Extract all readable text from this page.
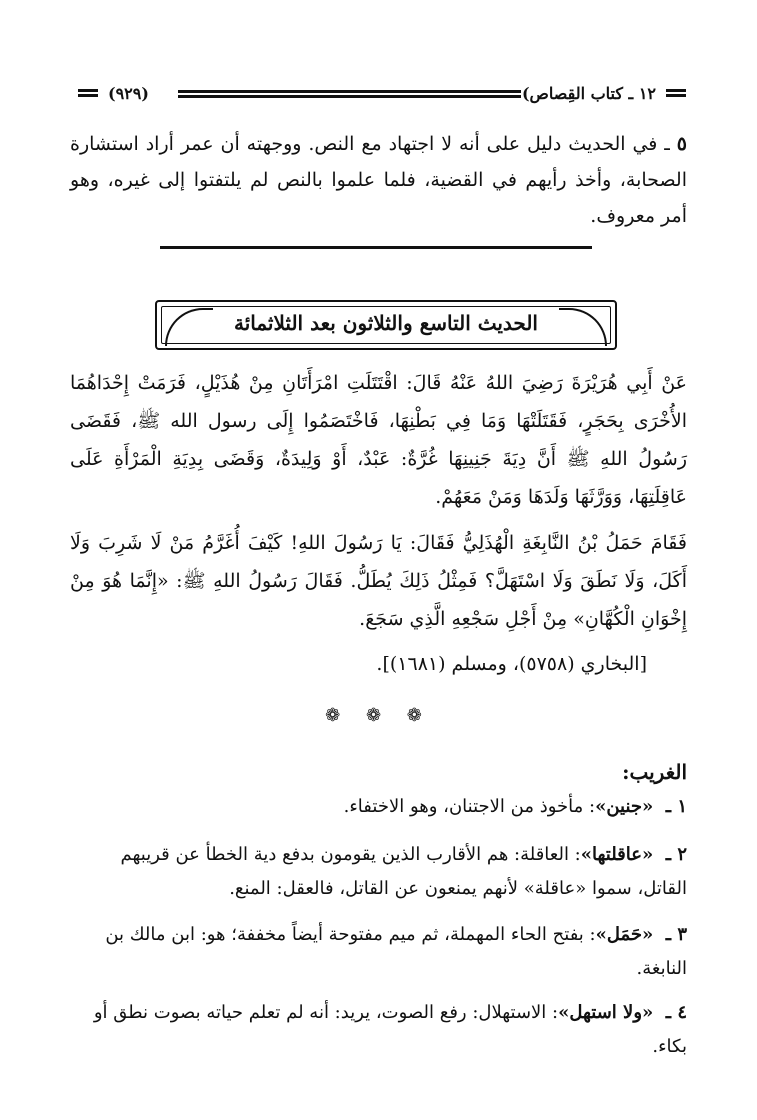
١٢ ـ كتاب القِصاص)
(٩٢٩)

٥ ـ في الحديث دليل على أنه لا اجتهاد مع النص. ووجهته أن عمر أراد استشارة الصحابة، وأخذ رأيهم في القضية، فلما علموا بالنص لم يلتفتوا إلى غيره، وهو أمر معروف.

الحديث التاسع والثلاثون بعد الثلاثمائة

عَنْ أَبِي هُرَيْرَةَ رَضِيَ اللهُ عَنْهُ قَالَ: اقْتَتَلَتِ امْرَأَتَانِ مِنْ هُذَيْلٍ، فَرَمَتْ إِحْدَاهُمَا الأُخْرَى بِحَجَرٍ، فَقَتَلَتْهَا وَمَا فِي بَطْنِهَا، فَاخْتَصَمُوا إِلَى رسول الله ﷺ، فَقَضَى رَسُولُ اللهِ ﷺ أَنَّ دِيَةَ جَنِينِهَا غُرَّةٌ: عَبْدٌ، أَوْ وَلِيدَةٌ، وَقَضَى بِدِيَةِ الْمَرْأَةِ عَلَى عَاقِلَتِهَا، وَوَرَّثَهَا وَلَدَهَا وَمَنْ مَعَهُمْ.

فَقَامَ حَمَلُ بْنُ النَّابِغَةِ الْهُذَلِيُّ فَقَالَ: يَا رَسُولَ اللهِ! كَيْفَ أُغَرَّمُ مَنْ لَا شَرِبَ وَلَا أَكَلَ، وَلَا نَطَقَ وَلَا اسْتَهَلَّ؟ فَمِثْلُ ذَلِكَ يُطَلُّ. فَقَالَ رَسُولُ اللهِ ﷺ: «إِنَّمَا هُوَ مِنْ إِخْوَانِ الْكُهَّانِ» مِنْ أَجْلِ سَجْعِهِ الَّذِي سَجَعَ.

[البخاري (٥٧٥٨)، ومسلم (١٦٨١)].
❁ ❁ ❁
الغريب:
١ ـ «جنين»: مأخوذ من الاجتنان، وهو الاختفاء.
٢ ـ «عاقلتها»: العاقلة: هم الأقارب الذين يقومون بدفع دية الخطأ عن قريبهم القاتل، سموا «عاقلة» لأنهم يمنعون عن القاتل، فالعقل: المنع.
٣ ـ «حَمَل»: بفتح الحاء المهملة، ثم ميم مفتوحة أيضاً مخففة؛ هو: ابن مالك بن النابغة.
٤ ـ «ولا استهل»: الاستهلال: رفع الصوت، يريد: أنه لم تعلم حياته بصوت نطق أو بكاء.
